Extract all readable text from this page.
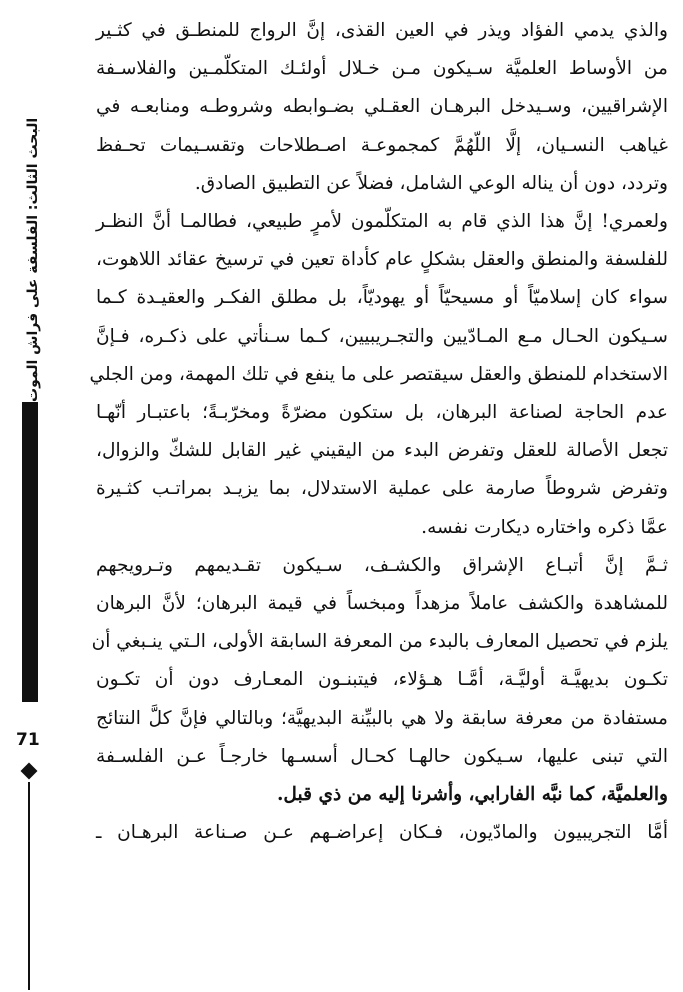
البحث الثالث: الفلسفة على فراش الموت
71
والذي يدمي الفؤاد ويذر في العين القذى، إنَّ الرواج للمنطـق في كثـير
من الأوساط العلميَّة سـيكون مـن خـلال أولئـك المتكلّمـين والفلاسـفة
الإشراقيين، وسـيدخل البرهـان العقـلي بضـوابطه وشروطـه ومنابعـه في
غياهب النسـيان، إلَّا اللّهُمَّ كمجموعـة اصـطلاحات وتقسـيمات تحـفظ
وتردد، دون أن يناله الوعي الشامل، فضلاً عن التطبيق الصادق.
ولعمري! إنَّ هذا الذي قام به المتكلّمون لأمرٍ طبيعي، فطالمـا أنَّ النظـر
للفلسفة والمنطق والعقل بشكلٍ عام كأداة تعين في ترسيخ عقائد اللاهوت،
سواء كان إسلاميّاً أو مسيحيّاً أو يهوديّاً، بل مطلق الفكـر والعقيـدة كـما
سـيكون الحـال مـع المـادّيين والتجـريبيين، كـما سـنأتي على ذكـره، فـإنَّ
الاستخدام للمنطق والعقل سيقتصر على ما ينفع في تلك المهمة، ومن الجلي
عدم الحاجة لصناعة البرهان، بل ستكون مضرّةً ومخرّبـةً؛ باعتبـار أنّهـا
تجعل الأصالة للعقل وتفرض البدء من اليقيني غير القابل للشكّ والزوال،
وتفرض شروطاً صارمة على عملية الاستدلال، بما يزيـد بمراتـب كثـيرة
عمَّا ذكره واختاره ديكارت نفسه.
ثـمَّ إنَّ أتبـاع الإشراق والكشـف، سـيكون تقـديمهم وتـرويجهم
للمشاهدة والكشف عاملاً مزهداً ومبخساً في قيمة البرهان؛ لأنَّ البرهان
يلزم في تحصيل المعارف بالبدء من المعرفة السابقة الأولى، الـتي ينـبغي أن
تكـون بديهيَّـة أوليَّـة، أمَّـا هـؤلاء، فيتبنـون المعـارف دون أن تكـون
مستفادة من معرفة سابقة ولا هي بالبيِّنة البديهيَّة؛ وبالتالي فإنَّ كلَّ النتائج
التي تبنى عليها، سـيكون حالهـا كحـال أسسـها خارجـاً عـن الفلسـفة
والعلميَّة، كما نبَّه الفارابي، وأشرنا إليه من ذي قبل.
أمَّا التجريبيون والمادّيون، فـكان إعراضـهم عـن صـناعة البرهـان ـ
